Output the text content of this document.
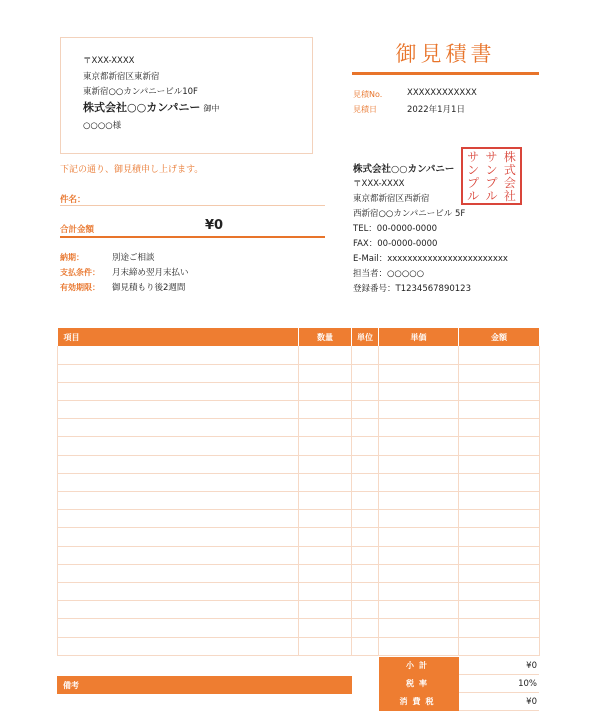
〒XXX-XXXX
東京都新宿区東新宿
東新宿○○カンパニービル10F
株式会社○○カンパニー 御中
○○○○様
御見積書
見積No.	XXXXXXXXXXXX
見積日	2022年1月1日
下記の通り、御見積申し上げます。
件名：
合計金額	¥0
納期：	別途ご相談
支払条件： 月末締め翌月末払い
有効期限： 御見積もり後2週間
株式会社○○カンパニー
〒XXX-XXXX
東京都新宿区西新宿
西新宿○○カンパニービル 5F
TEL：00-0000-0000
FAX：00-0000-0000
E-Mail：xxxxxxxxxxxxxxxxxxxxxxxx
担当者：○○○○○
登録番号：T1234567890123
サ サ 株
ン ン 式
プ プ 会
ル ル 社
項目	数量	単位	単価	金額

備考
小計	¥0
税率	10%
消費税	¥0
